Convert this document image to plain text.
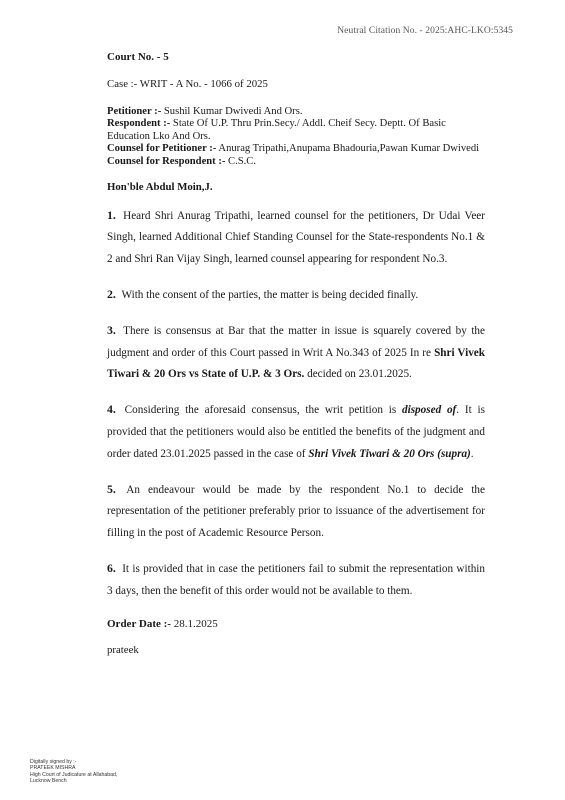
Neutral Citation No. - 2025:AHC-LKO:5345
Court No. - 5
Case :- WRIT - A No. - 1066 of 2025
Petitioner :- Sushil Kumar Dwivedi And Ors.
Respondent :- State Of U.P. Thru Prin.Secy./ Addl. Cheif Secy. Deptt. Of Basic Education Lko And Ors.
Counsel for Petitioner :- Anurag Tripathi,Anupama Bhadouria,Pawan Kumar Dwivedi
Counsel for Respondent :- C.S.C.
Hon'ble Abdul Moin,J.
1. Heard Shri Anurag Tripathi, learned counsel for the petitioners, Dr Udai Veer Singh, learned Additional Chief Standing Counsel for the State-respondents No.1 & 2 and Shri Ran Vijay Singh, learned counsel appearing for respondent No.3.
2. With the consent of the parties, the matter is being decided finally.
3. There is consensus at Bar that the matter in issue is squarely covered by the judgment and order of this Court passed in Writ A No.343 of 2025 In re Shri Vivek Tiwari & 20 Ors vs State of U.P. & 3 Ors. decided on 23.01.2025.
4. Considering the aforesaid consensus, the writ petition is disposed of. It is provided that the petitioners would also be entitled the benefits of the judgment and order dated 23.01.2025 passed in the case of Shri Vivek Tiwari & 20 Ors (supra).
5. An endeavour would be made by the respondent No.1 to decide the representation of the petitioner preferably prior to issuance of the advertisement for filling in the post of Academic Resource Person.
6. It is provided that in case the petitioners fail to submit the representation within 3 days, then the benefit of this order would not be available to them.
Order Date :- 28.1.2025
prateek
Digitally signed by :-
PRATEEK MISHRA
High Court of Judicature at Allahabad,
Lucknow Bench
